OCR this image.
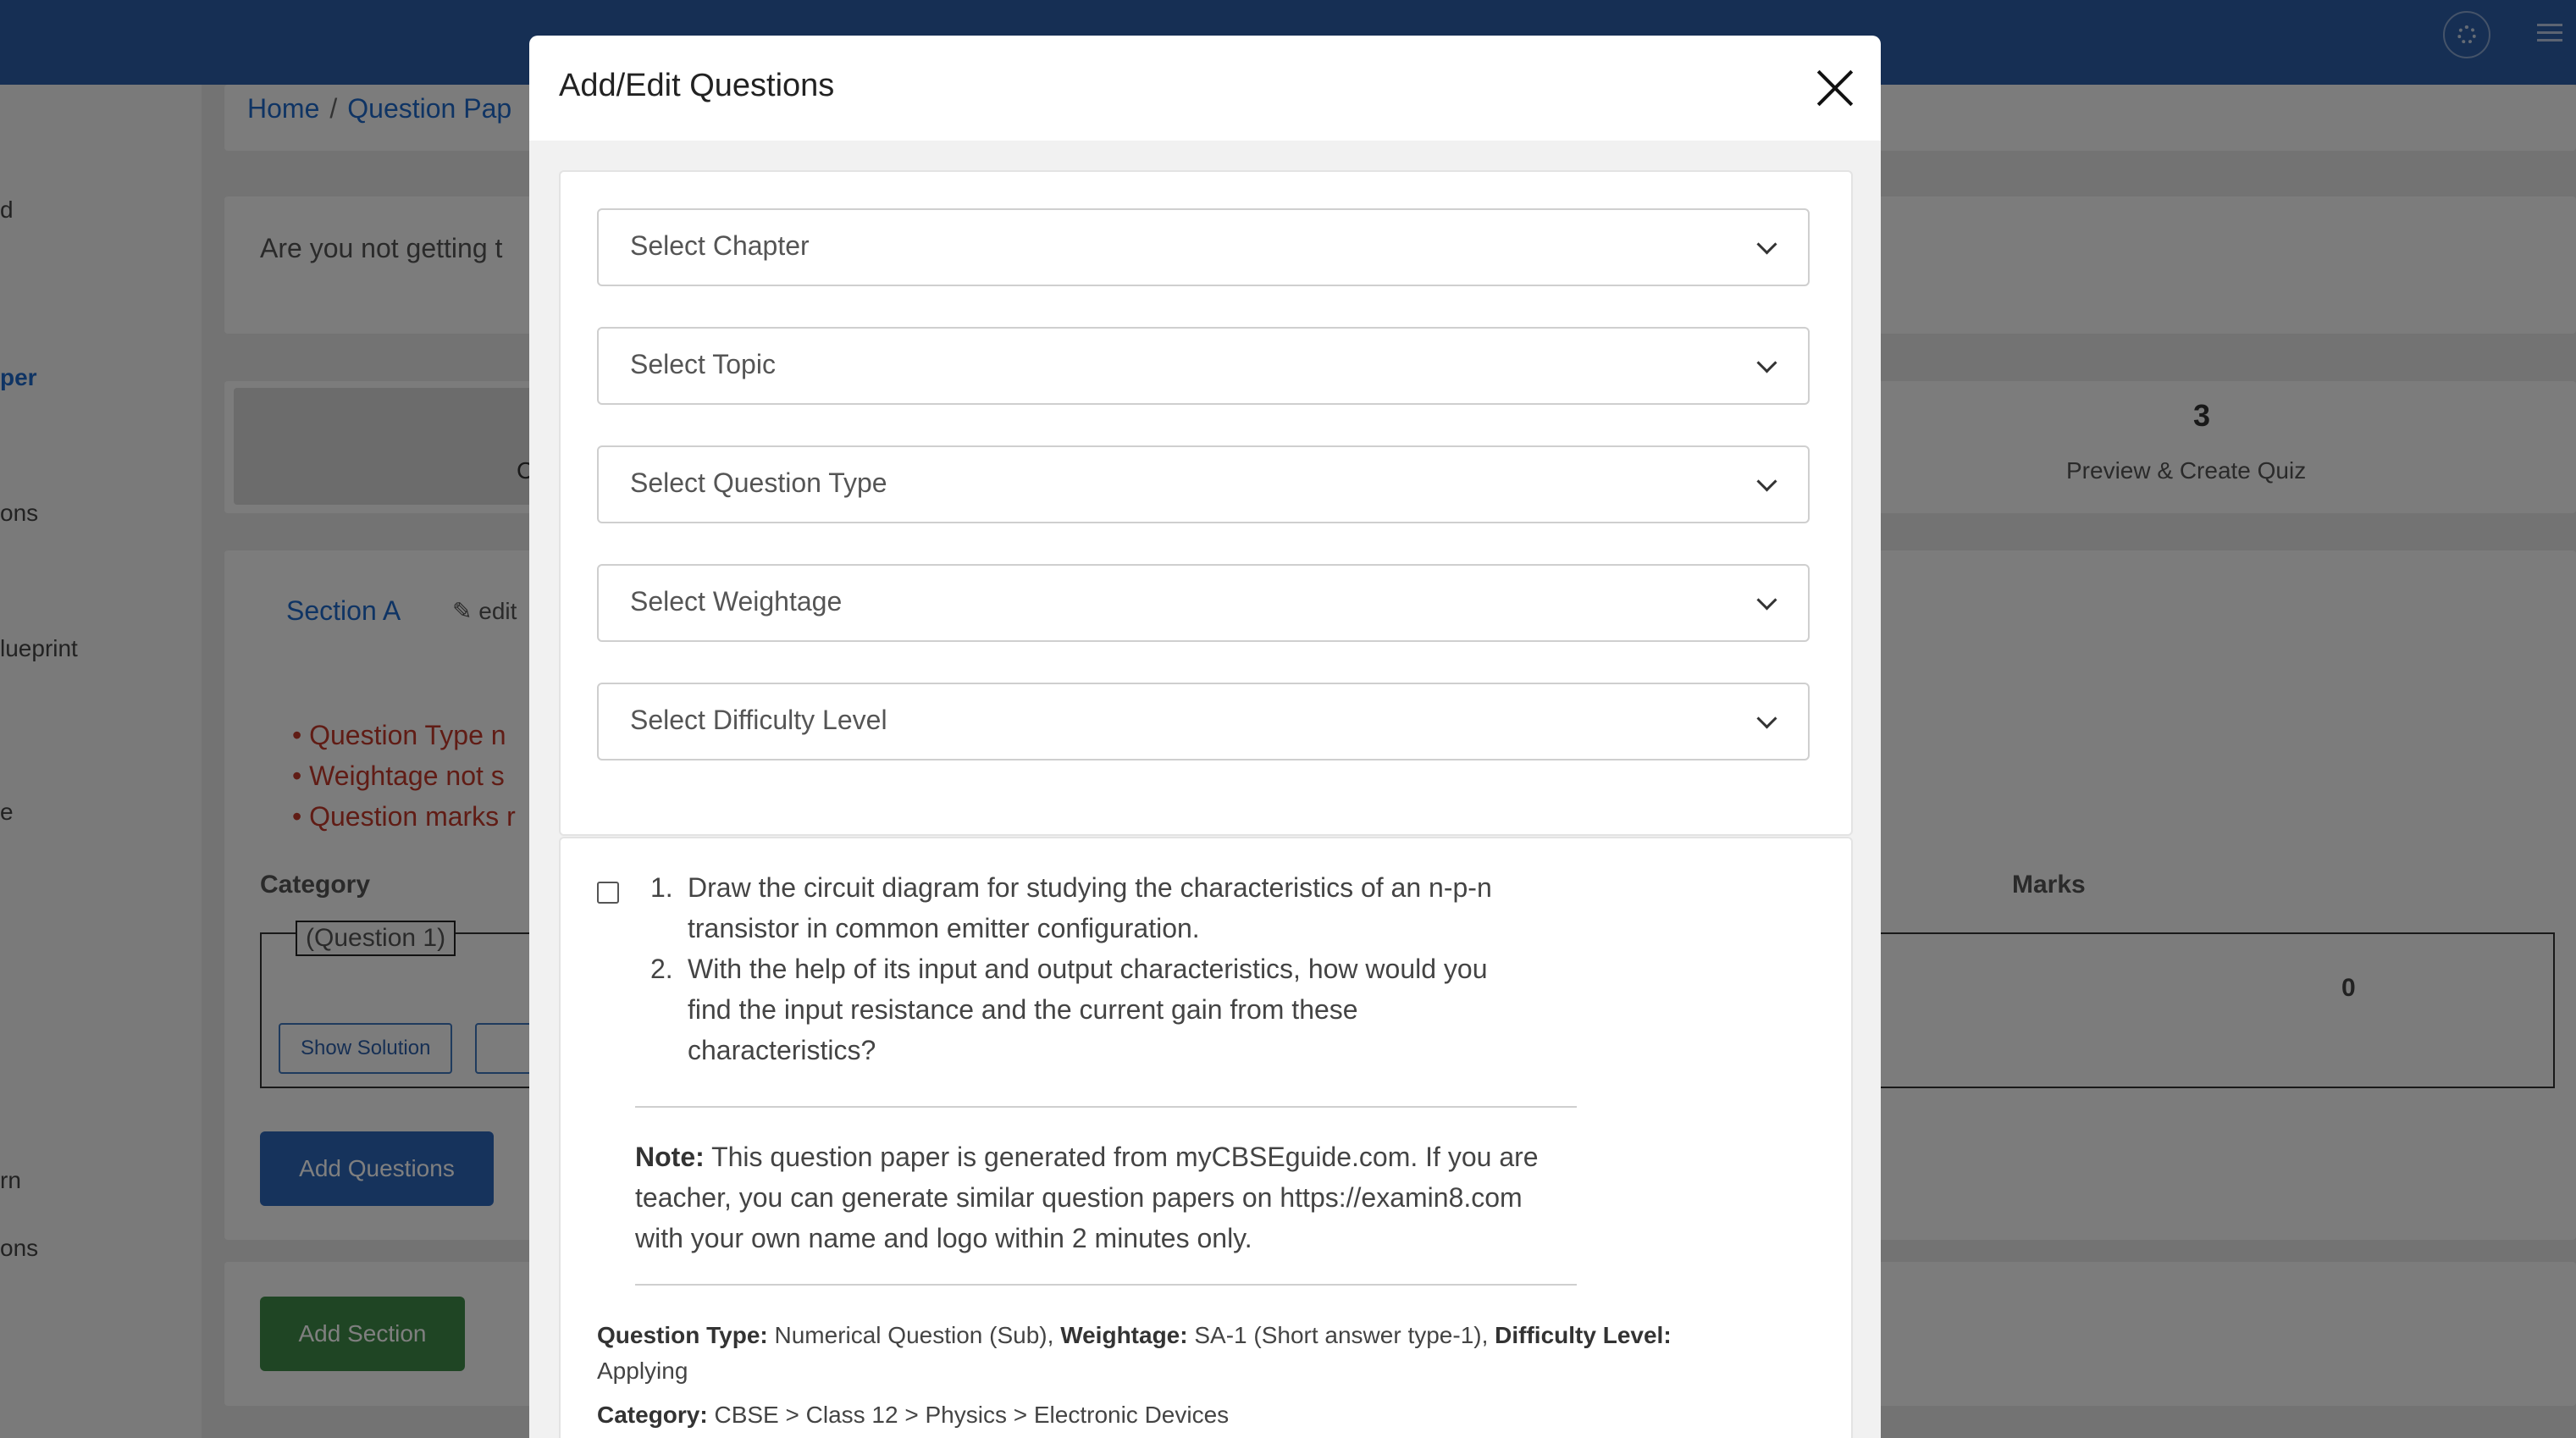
Add/Edit Questions
Select Chapter
Select Topic
Select Question Type
Select Weightage
Select Difficulty Level
1. Draw the circuit diagram for studying the characteristics of an n-p-n
transistor in common emitter configuration.
2. With the help of its input and output characteristics, how would you
find the input resistance and the current gain from these
characteristics?
Note: This question paper is generated from myCBSEguide.com. If you are
teacher, you can generate similar question papers on https://examin8.com
with your own name and logo within 2 minutes only.
Question Type: Numerical Question (Sub), Weightage: SA-1 (Short answer type-1), Difficulty Level:
Applying
Category: CBSE > Class 12 > Physics > Electronic Devices
